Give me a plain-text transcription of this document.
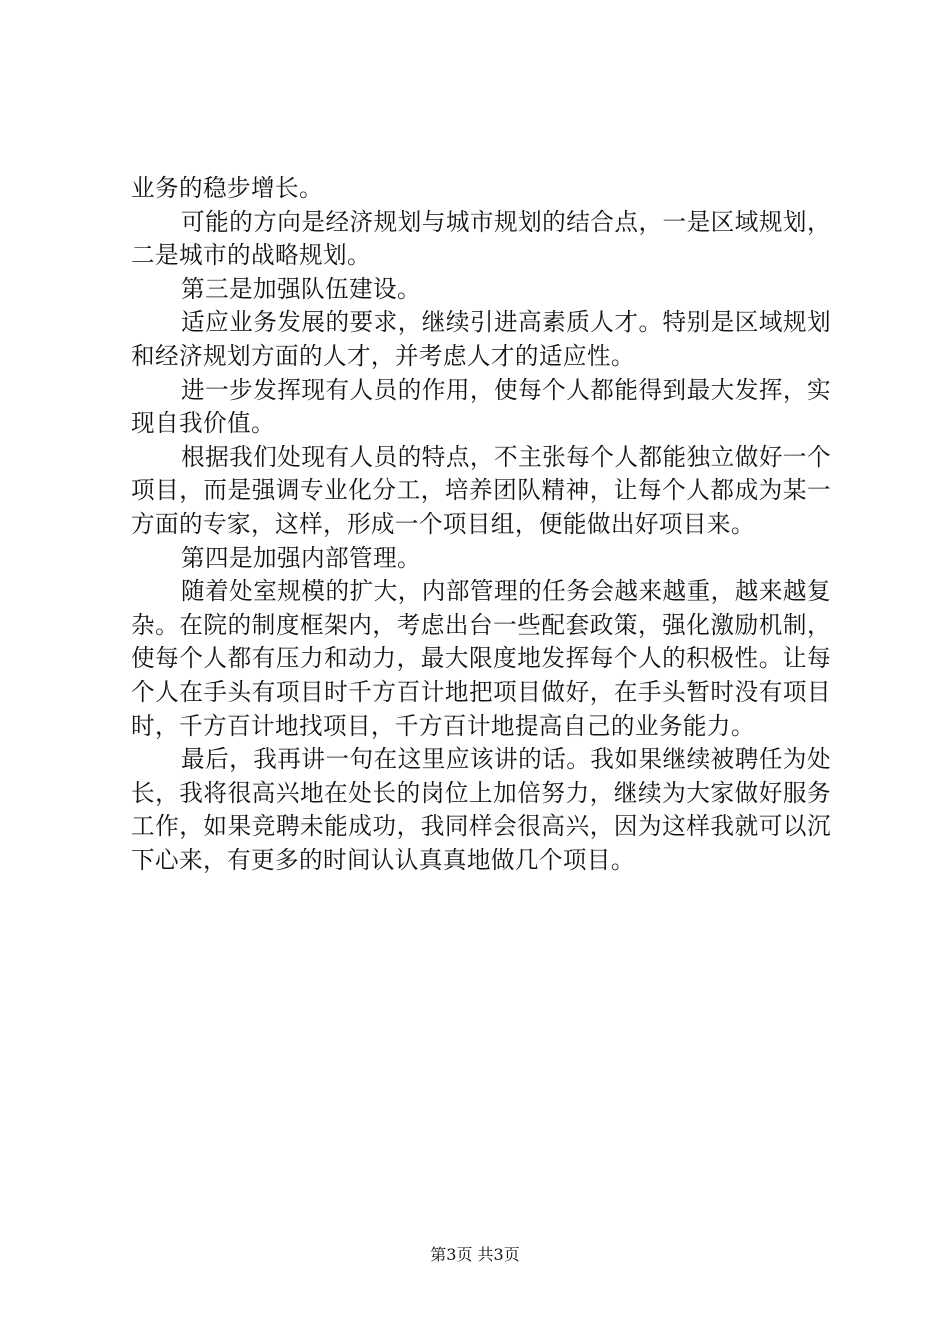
业务的稳步增长。

可能的方向是经济规划与城市规划的结合点，一是区域规划，二是城市的战略规划。

第三是加强队伍建设。

适应业务发展的要求，继续引进高素质人才。特别是区域规划和经济规划方面的人才，并考虑人才的适应性。

进一步发挥现有人员的作用，使每个人都能得到最大发挥，实现自我价值。

根据我们处现有人员的特点，不主张每个人都能独立做好一个项目，而是强调专业化分工，培养团队精神，让每个人都成为某一方面的专家，这样，形成一个项目组，便能做出好项目来。

第四是加强内部管理。

随着处室规模的扩大，内部管理的任务会越来越重，越来越复杂。在院的制度框架内，考虑出台一些配套政策，强化激励机制，使每个人都有压力和动力，最大限度地发挥每个人的积极性。让每个人在手头有项目时千方百计地把项目做好，在手头暂时没有项目时，千方百计地找项目，千方百计地提高自己的业务能力。

最后，我再讲一句在这里应该讲的话。我如果继续被聘任为处长，我将很高兴地在处长的岗位上加倍努力，继续为大家做好服务工作，如果竞聘未能成功，我同样会很高兴，因为这样我就可以沉下心来，有更多的时间认认真真地做几个项目。

第3页 共3页
